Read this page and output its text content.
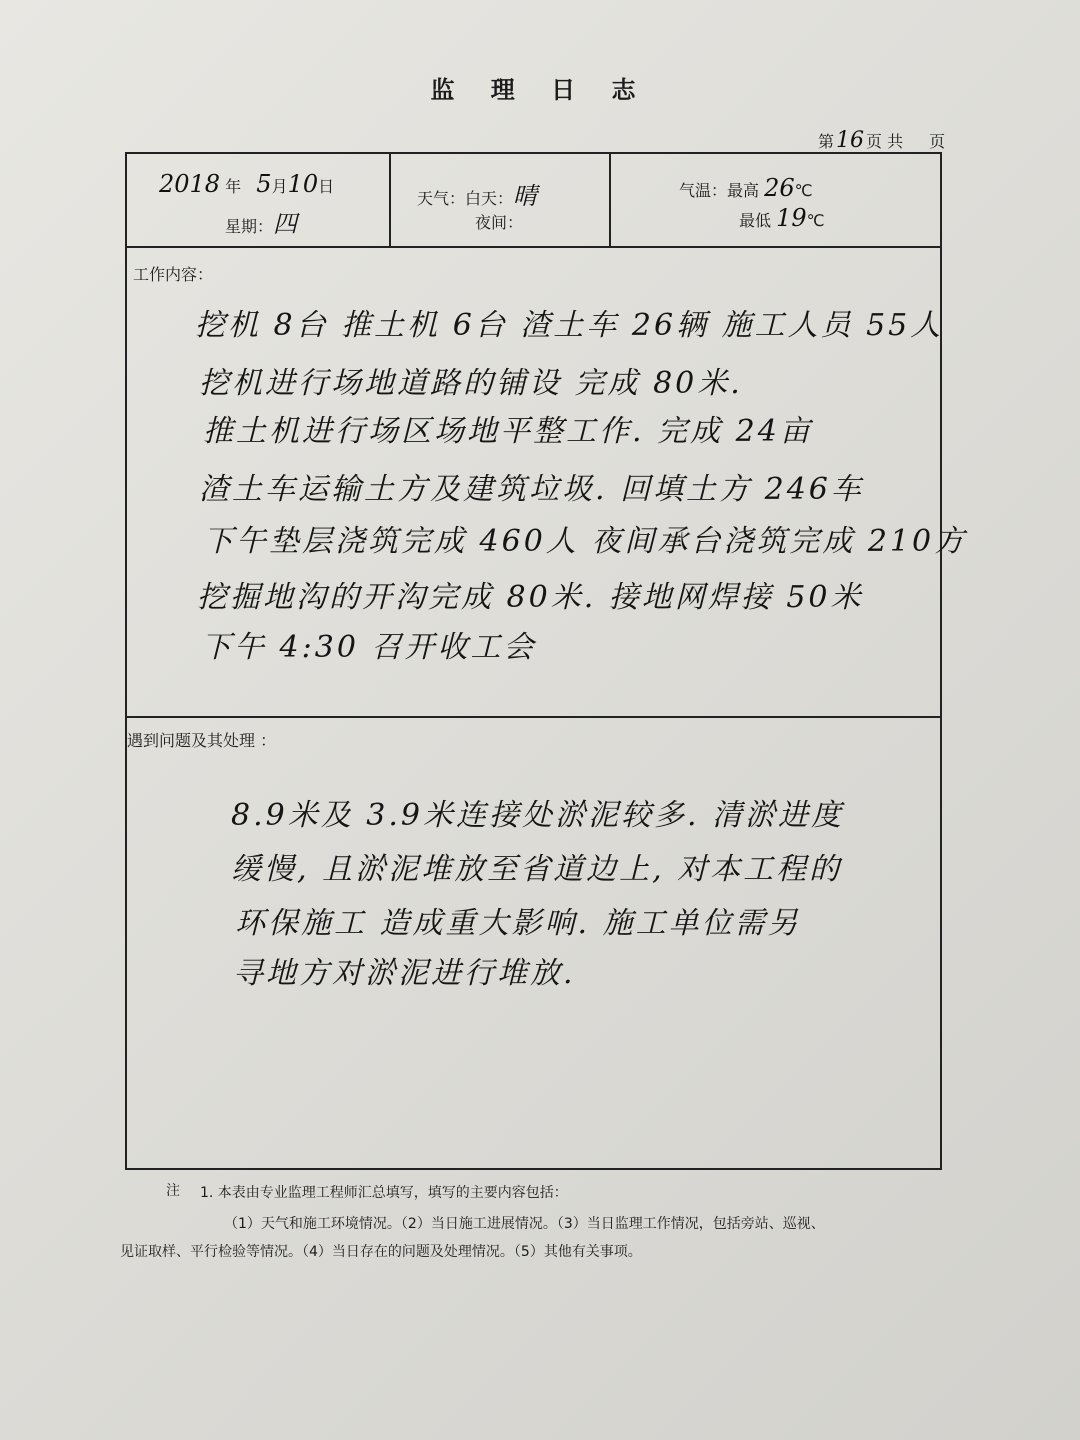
监 理 日 志
第16 页 共 页
2018 年 5月10日
星期：四
天气：白天：晴
夜间：
气温：最高 26℃
最低 19℃
工作内容：
挖机 8台 推土机 6台 渣土车 26辆 施工人员 55人
挖机进行场地道路的铺设 完成 80米.
推土机进行场区场地平整工作. 完成 24亩
渣土车运输土方及建筑垃圾. 回填土方 246车
下午垫层浇筑完成 460人 夜间承台浇筑完成 210方
挖掘地沟的开沟完成 80米. 接地网焊接 50米
下午 4:30 召开收工会
遇到问题及其处理 ：
8.9米及 3.9米连接处淤泥较多. 清淤进度
缓慢, 且淤泥堆放至省道边上, 对本工程的
环保施工 造成重大影响. 施工单位需另
寻地方对淤泥进行堆放.
注 1. 本表由专业监理工程师汇总填写，填写的主要内容包括：
（1）天气和施工环境情况。（2）当日施工进展情况。（3）当日监理工作情况，包括旁站、巡视、
见证取样、平行检验等情况。（4）当日存在的问题及处理情况。（5）其他有关事项。
